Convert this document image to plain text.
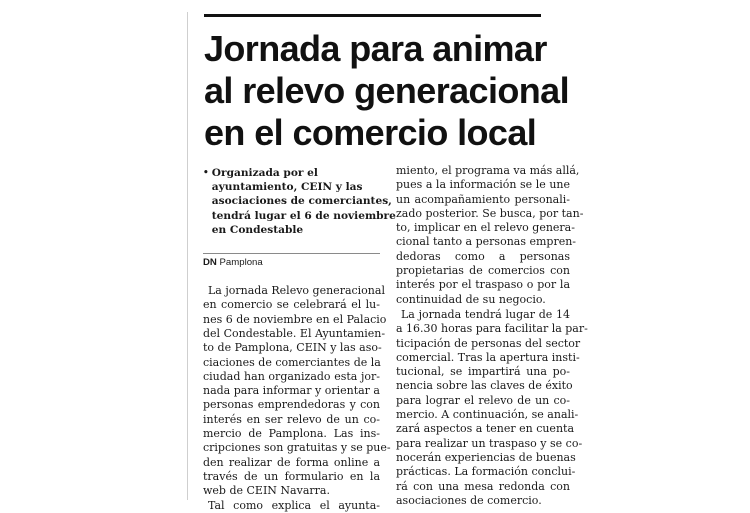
Jornada para animar
al relevo generacional
en el comercio local
• Organizada por el
ayuntamiento, CEIN y las
asociaciones de comerciantes,
tendrá lugar el 6 de noviembre
en Condestable
DN Pamplona
La jornada Relevo generacional
en comercio se celebrará el lu-
nes 6 de noviembre en el Palacio
del Condestable. El Ayuntamien-
to de Pamplona, CEIN y las aso-
ciaciones de comerciantes de la
ciudad han organizado esta jor-
nada para informar y orientar a
personas emprendedoras y con
interés en ser relevo de un co-
mercio de Pamplona. Las ins-
cripciones son gratuitas y se pue-
den realizar de forma online a
través de un formulario en la
web de CEIN Navarra.
Tal como explica el ayunta-
miento, el programa va más allá,
pues a la información se le une
un acompañamiento personali-
zado posterior. Se busca, por tan-
to, implicar en el relevo genera-
cional tanto a personas empren-
dedoras como a personas
propietarias de comercios con
interés por el traspaso o por la
continuidad de su negocio.
La jornada tendrá lugar de 14
a 16.30 horas para facilitar la par-
ticipación de personas del sector
comercial. Tras la apertura insti-
tucional, se impartirá una po-
nencia sobre las claves de éxito
para lograr el relevo de un co-
mercio. A continuación, se anali-
zará aspectos a tener en cuenta
para realizar un traspaso y se co-
nocerán experiencias de buenas
prácticas. La formación conclui-
rá con una mesa redonda con
asociaciones de comercio.
